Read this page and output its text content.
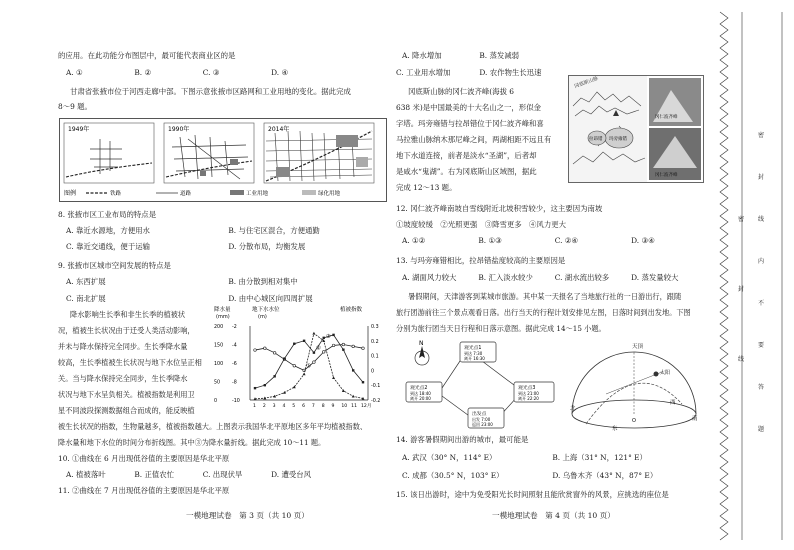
的应用。在此功能分布图层中，最可能代表商业区的是
A. ①	B. ②	C. ③	D. ④
甘肃省张掖市位于河西走廊中部。下图示意张掖市区路网和工业用地的变化。据此完成
8～9 题。
1949年	1990年	2014年
图例	铁路	道路	工业用地	绿化用地
8. 张掖市区工业布局的特点是
A. 靠近水源地，方便用水	B. 与住宅区混合，方便通勤
C. 靠近交通线，便于运输	D. 分散布局，均衡发展
9. 张掖市区城市空间发展的特点是
A. 东西扩展	B. 由分散到相对集中
C. 南北扩展	D. 由中心城区向四周扩展
降水影响生长季和非生长季的植被状
况，植被生长状况由于迁受人类活动影响，
并未与降水保持完全同步。生长季降水量
较高，生长季植被生长状况与地下水位呈正相
关。当与降水保持完全同步，生长季降水
状况与地下水呈负相关。植被指数是利用卫
星不同波段探测数据组合而成的，能反映植
被生长状况的指数，生物量越多，植被指数越大。上图表示我国华北平原地区多年平均植被指数、
降水量和地下水位的时间分布折线图。其中③为降水量折线。据此完成 10～11 题。
10. ①曲线在 6 月出现低谷值的主要原因是华北平原
A. 植被落叶	B. 正值农忙	C. 出现伏旱	D. 遭受台风
11. ②曲线在 7 月出现低谷值的主要原因是华北平原
降水量
(mm)
地下水水位
(m)
植被指数
200
150
100
50
0
-2
-4
-6
-8
-10
0.3
0.2
0.1
0
-0.1
-0.2
1 2 3 4 5 6 7 8 9 10 11 12月
①
②
③
一模地理试卷　第 3 页（共 10 页）
A. 降水增加	B. 蒸发减弱
C. 工业用水增加	D. 农作物生长迅速
冈底斯山脉的冈仁波齐峰(海拔 6
638 米)是中国最美的十大名山之一，形似金
字塔。玛旁雍错与拉昂错位于冈仁波齐峰和喜
马拉雅山脉纳木那尼峰之间，两湖相距不远且有
地下水道连接，前者是淡水“圣湖”，后者却
是咸水“鬼湖”。右为冈底斯山区域图，据此
完成 12～13 题。
12. 冈仁波齐峰南坡自雪线附近北坡积雪较少，这主要因为南坡
①坡度较缓　②光照更强　③降雪更多　④风力更大
A. ①②	B. ①③	C. ②④	D. ③④
13. 与玛旁雍错相比，拉昂错盐度较高的主要原因是
A. 湖面风力较大	B. 汇入淡水较少	C. 湖水流出较多	D. 蒸发量较大
暑假期间，天津游客到某城市旅游。其中某一天报名了当地旅行社的一日游出行，跟随
旅行团游前往三个景点观看日落。出行当天的行程计划安排见左图，日落时间到出发地。下图
分别为旅行团当天日行程和日落示意图。据此完成 14～15 小题。
14. 游客暑假期间出游的城市，最可能是
A. 武汉（30° N，114° E）	B. 上海（31° N，121° E）
C. 成都（30.5° N，103° E）	D. 乌鲁木齐（43° N，87° E）
15. 该日出游时，途中为免受阳光长时间照射且能欣赏窗外的风景，应挑选的座位是
冈底斯山脉
玛旁雍错
拉昂错
冈仁波齐峰
冈仁波齐峰
N
观光点1
到达 7:30
离开 16:30
观光点2
到达 18:40
离开 20:00
观光点3
到达 21:00
离开 22:20
出发点
出发 7:00
返回 23:00
天顶
太阳
东
南
西
北
O
一模地理试卷　第 4 页（共 10 页）
密
封
线
内
不
要
答
题
密
封
线
